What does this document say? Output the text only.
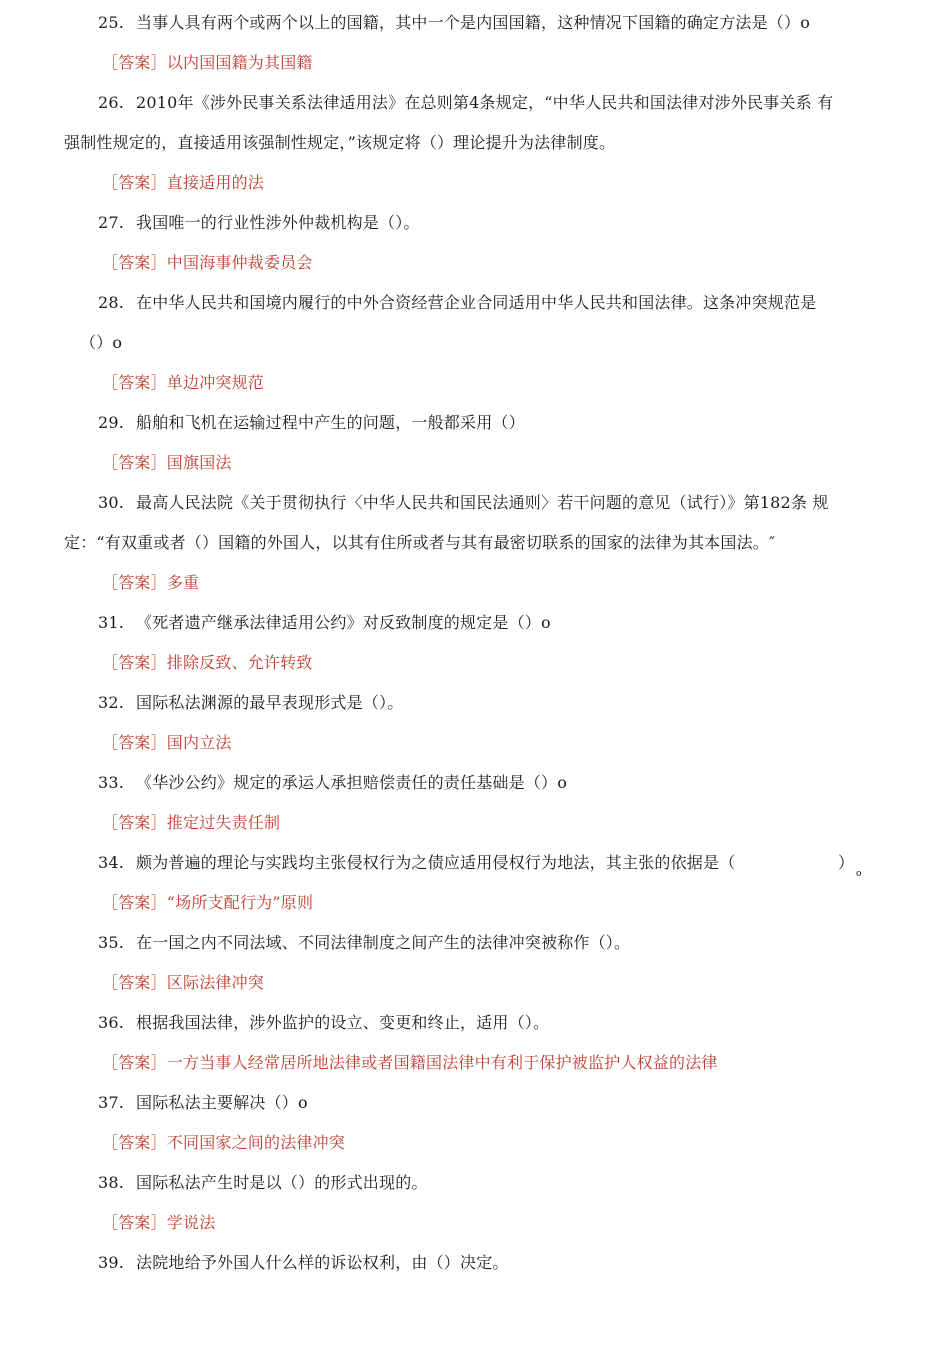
25. 当事人具有两个或两个以上的国籍，其中一个是内国国籍，这种情况下国籍的确定方法是（）o
［答案］以内国国籍为其国籍
26. 2010年《涉外民事关系法律适用法》在总则第4条规定，“中华人民共和国法律对涉外民事关系 有
强制性规定的，直接适用该强制性规定，”该规定将（）理论提升为法律制度。
［答案］直接适用的法
27. 我国唯一的行业性涉外仲裁机构是（）。
［答案］中国海事仲裁委员会
28. 在中华人民共和国境内履行的中外合资经营企业合同适用中华人民共和国法律。这条冲突规范是
（）o
［答案］单边冲突规范
29. 船舶和飞机在运输过程中产生的问题，一般都采用（）
［答案］国旗国法
30. 最高人民法院《关于贯彻执行〈中华人民共和国民法通则〉若干问题的意见（试行）》第182条 规
定：“有双重或者（）国籍的外国人，以其有住所或者与其有最密切联系的国家的法律为其本国法。″
［答案］多重
31. 《死者遗产继承法律适用公约》对反致制度的规定是（）o
［答案］排除反致、允许转致
32. 国际私法渊源的最早表现形式是（）。
［答案］国内立法
33. 《华沙公约》规定的承运人承担赔偿责任的责任基础是（）o
［答案］推定过失责任制
34. 颇为普遍的理论与实践均主张侵权行为之债应适用侵权行为地法，其主张的依据是（	）
o
［答案］“场所支配行为”原则
35. 在一国之内不同法域、不同法律制度之间产生的法律冲突被称作（）。
［答案］区际法律冲突
36. 根据我国法律，涉外监护的设立、变更和终止，适用（）。
［答案］一方当事人经常居所地法律或者国籍国法律中有利于保护被监护人权益的法律
37. 国际私法主要解决（）o
［答案］不同国家之间的法律冲突
38. 国际私法产生时是以（）的形式出现的。
［答案］学说法
39. 法院地给予外国人什么样的诉讼权利，由（）决定。
